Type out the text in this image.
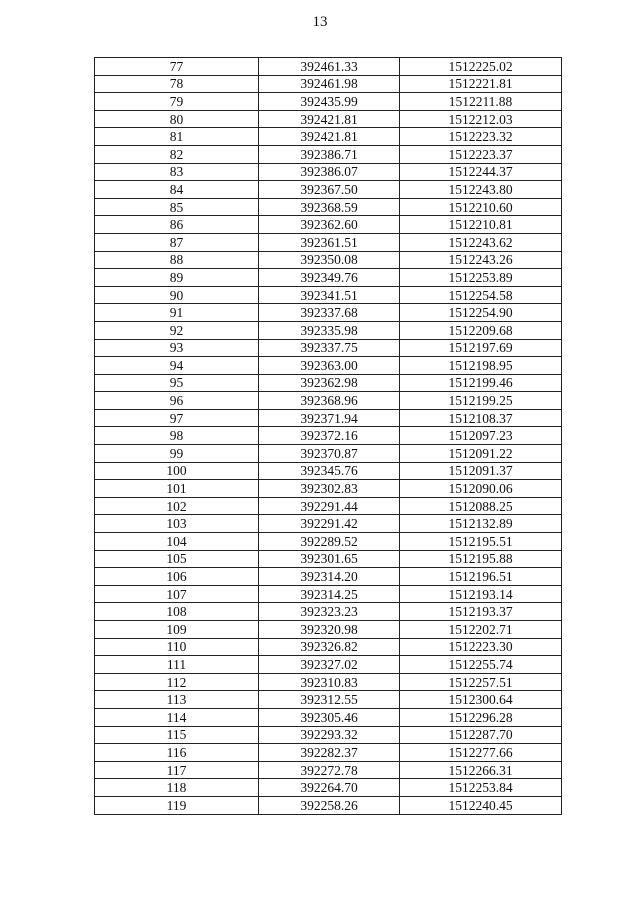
13
77	392461.33	1512225.02
78	392461.98	1512221.81
79	392435.99	1512211.88
80	392421.81	1512212.03
81	392421.81	1512223.32
82	392386.71	1512223.37
83	392386.07	1512244.37
84	392367.50	1512243.80
85	392368.59	1512210.60
86	392362.60	1512210.81
87	392361.51	1512243.62
88	392350.08	1512243.26
89	392349.76	1512253.89
90	392341.51	1512254.58
91	392337.68	1512254.90
92	392335.98	1512209.68
93	392337.75	1512197.69
94	392363.00	1512198.95
95	392362.98	1512199.46
96	392368.96	1512199.25
97	392371.94	1512108.37
98	392372.16	1512097.23
99	392370.87	1512091.22
100	392345.76	1512091.37
101	392302.83	1512090.06
102	392291.44	1512088.25
103	392291.42	1512132.89
104	392289.52	1512195.51
105	392301.65	1512195.88
106	392314.20	1512196.51
107	392314.25	1512193.14
108	392323.23	1512193.37
109	392320.98	1512202.71
110	392326.82	1512223.30
111	392327.02	1512255.74
112	392310.83	1512257.51
113	392312.55	1512300.64
114	392305.46	1512296.28
115	392293.32	1512287.70
116	392282.37	1512277.66
117	392272.78	1512266.31
118	392264.70	1512253.84
119	392258.26	1512240.45
